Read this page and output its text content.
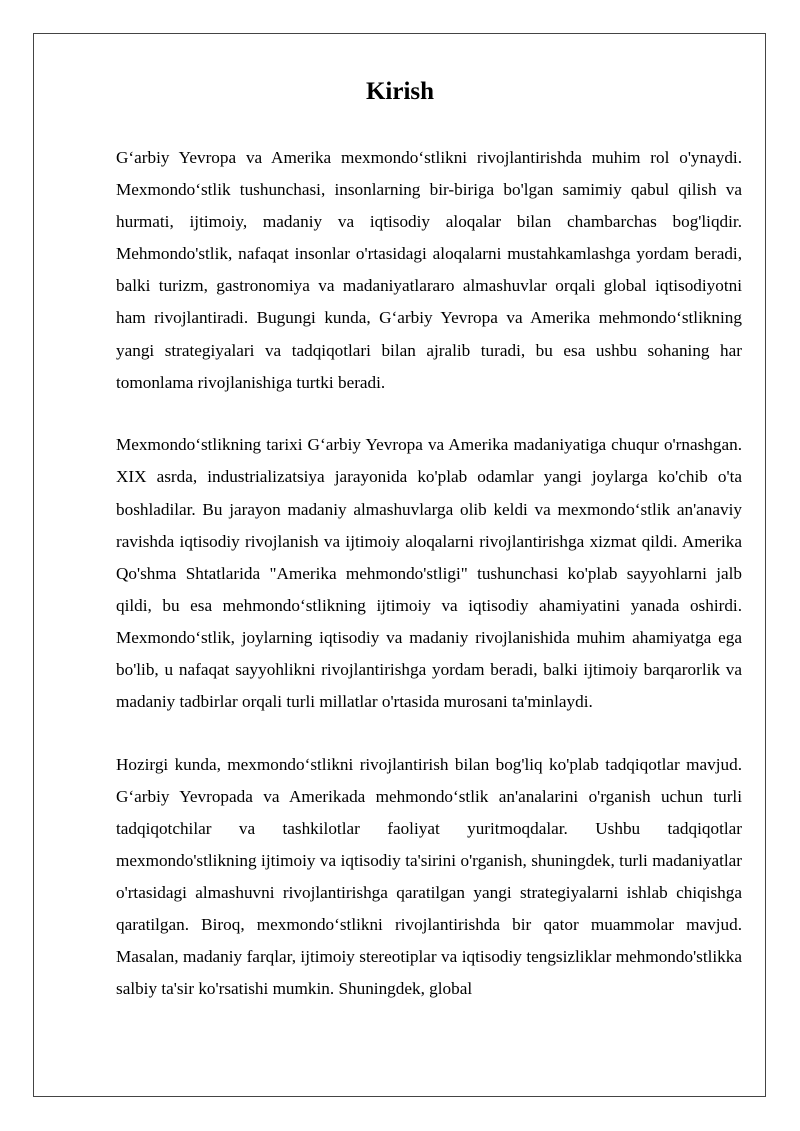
Kirish

G‘arbiy Yevropa va Amerika mexmondo‘stlikni rivojlantirishda muhim rol o'ynaydi. Mexmondo‘stlik tushunchasi, insonlarning bir-biriga bo'lgan samimiy qabul qilish va hurmati, ijtimoiy, madaniy va iqtisodiy aloqalar bilan chambarchas bog'liqdir. Mehmondo'stlik, nafaqat insonlar o'rtasidagi aloqalarni mustahkamlashga yordam beradi, balki turizm, gastronomiya va madaniyatlararo almashuvlar orqali global iqtisodiyotni ham rivojlantiradi. Bugungi kunda, G‘arbiy Yevropa va Amerika mehmondo‘stlikning yangi strategiyalari va tadqiqotlari bilan ajralib turadi, bu esa ushbu sohaning har tomonlama rivojlanishiga turtki beradi.

Mexmondo‘stlikning tarixi G‘arbiy Yevropa va Amerika madaniyatiga chuqur o'rnashgan. XIX asrda, industrializatsiya jarayonida ko'plab odamlar yangi joylarga ko'chib o'ta boshladilar. Bu jarayon madaniy almashuvlarga olib keldi va mexmondo‘stlik an'anaviy ravishda iqtisodiy rivojlanish va ijtimoiy aloqalarni rivojlantirishga xizmat qildi. Amerika Qo'shma Shtatlarida "Amerika mehmondo'stligi" tushunchasi ko'plab sayyohlarni jalb qildi, bu esa mehmondo‘stlikning ijtimoiy va iqtisodiy ahamiyatini yanada oshirdi. Mexmondo‘stlik, joylarning iqtisodiy va madaniy rivojlanishida muhim ahamiyatga ega bo'lib, u nafaqat sayyohlikni rivojlantirishga yordam beradi, balki ijtimoiy barqarorlik va madaniy tadbirlar orqali turli millatlar o'rtasida murosani ta'minlaydi.

Hozirgi kunda, mexmondo‘stlikni rivojlantirish bilan bog'liq ko'plab tadqiqotlar mavjud. G‘arbiy Yevropada va Amerikada mehmondo‘stlik an'analarini o'rganish uchun turli tadqiqotchilar va tashkilotlar faoliyat yuritmoqdalar. Ushbu tadqiqotlar mexmondo'stlikning ijtimoiy va iqtisodiy ta'sirini o'rganish, shuningdek, turli madaniyatlar o'rtasidagi almashuvni rivojlantirishga qaratilgan yangi strategiyalarni ishlab chiqishga qaratilgan. Biroq, mexmondo‘stlikni rivojlantirishda bir qator muammolar mavjud. Masalan, madaniy farqlar, ijtimoiy stereotiplar va iqtisodiy tengsizliklar mehmondo'stlikka salbiy ta'sir ko'rsatishi mumkin. Shuningdek, global
